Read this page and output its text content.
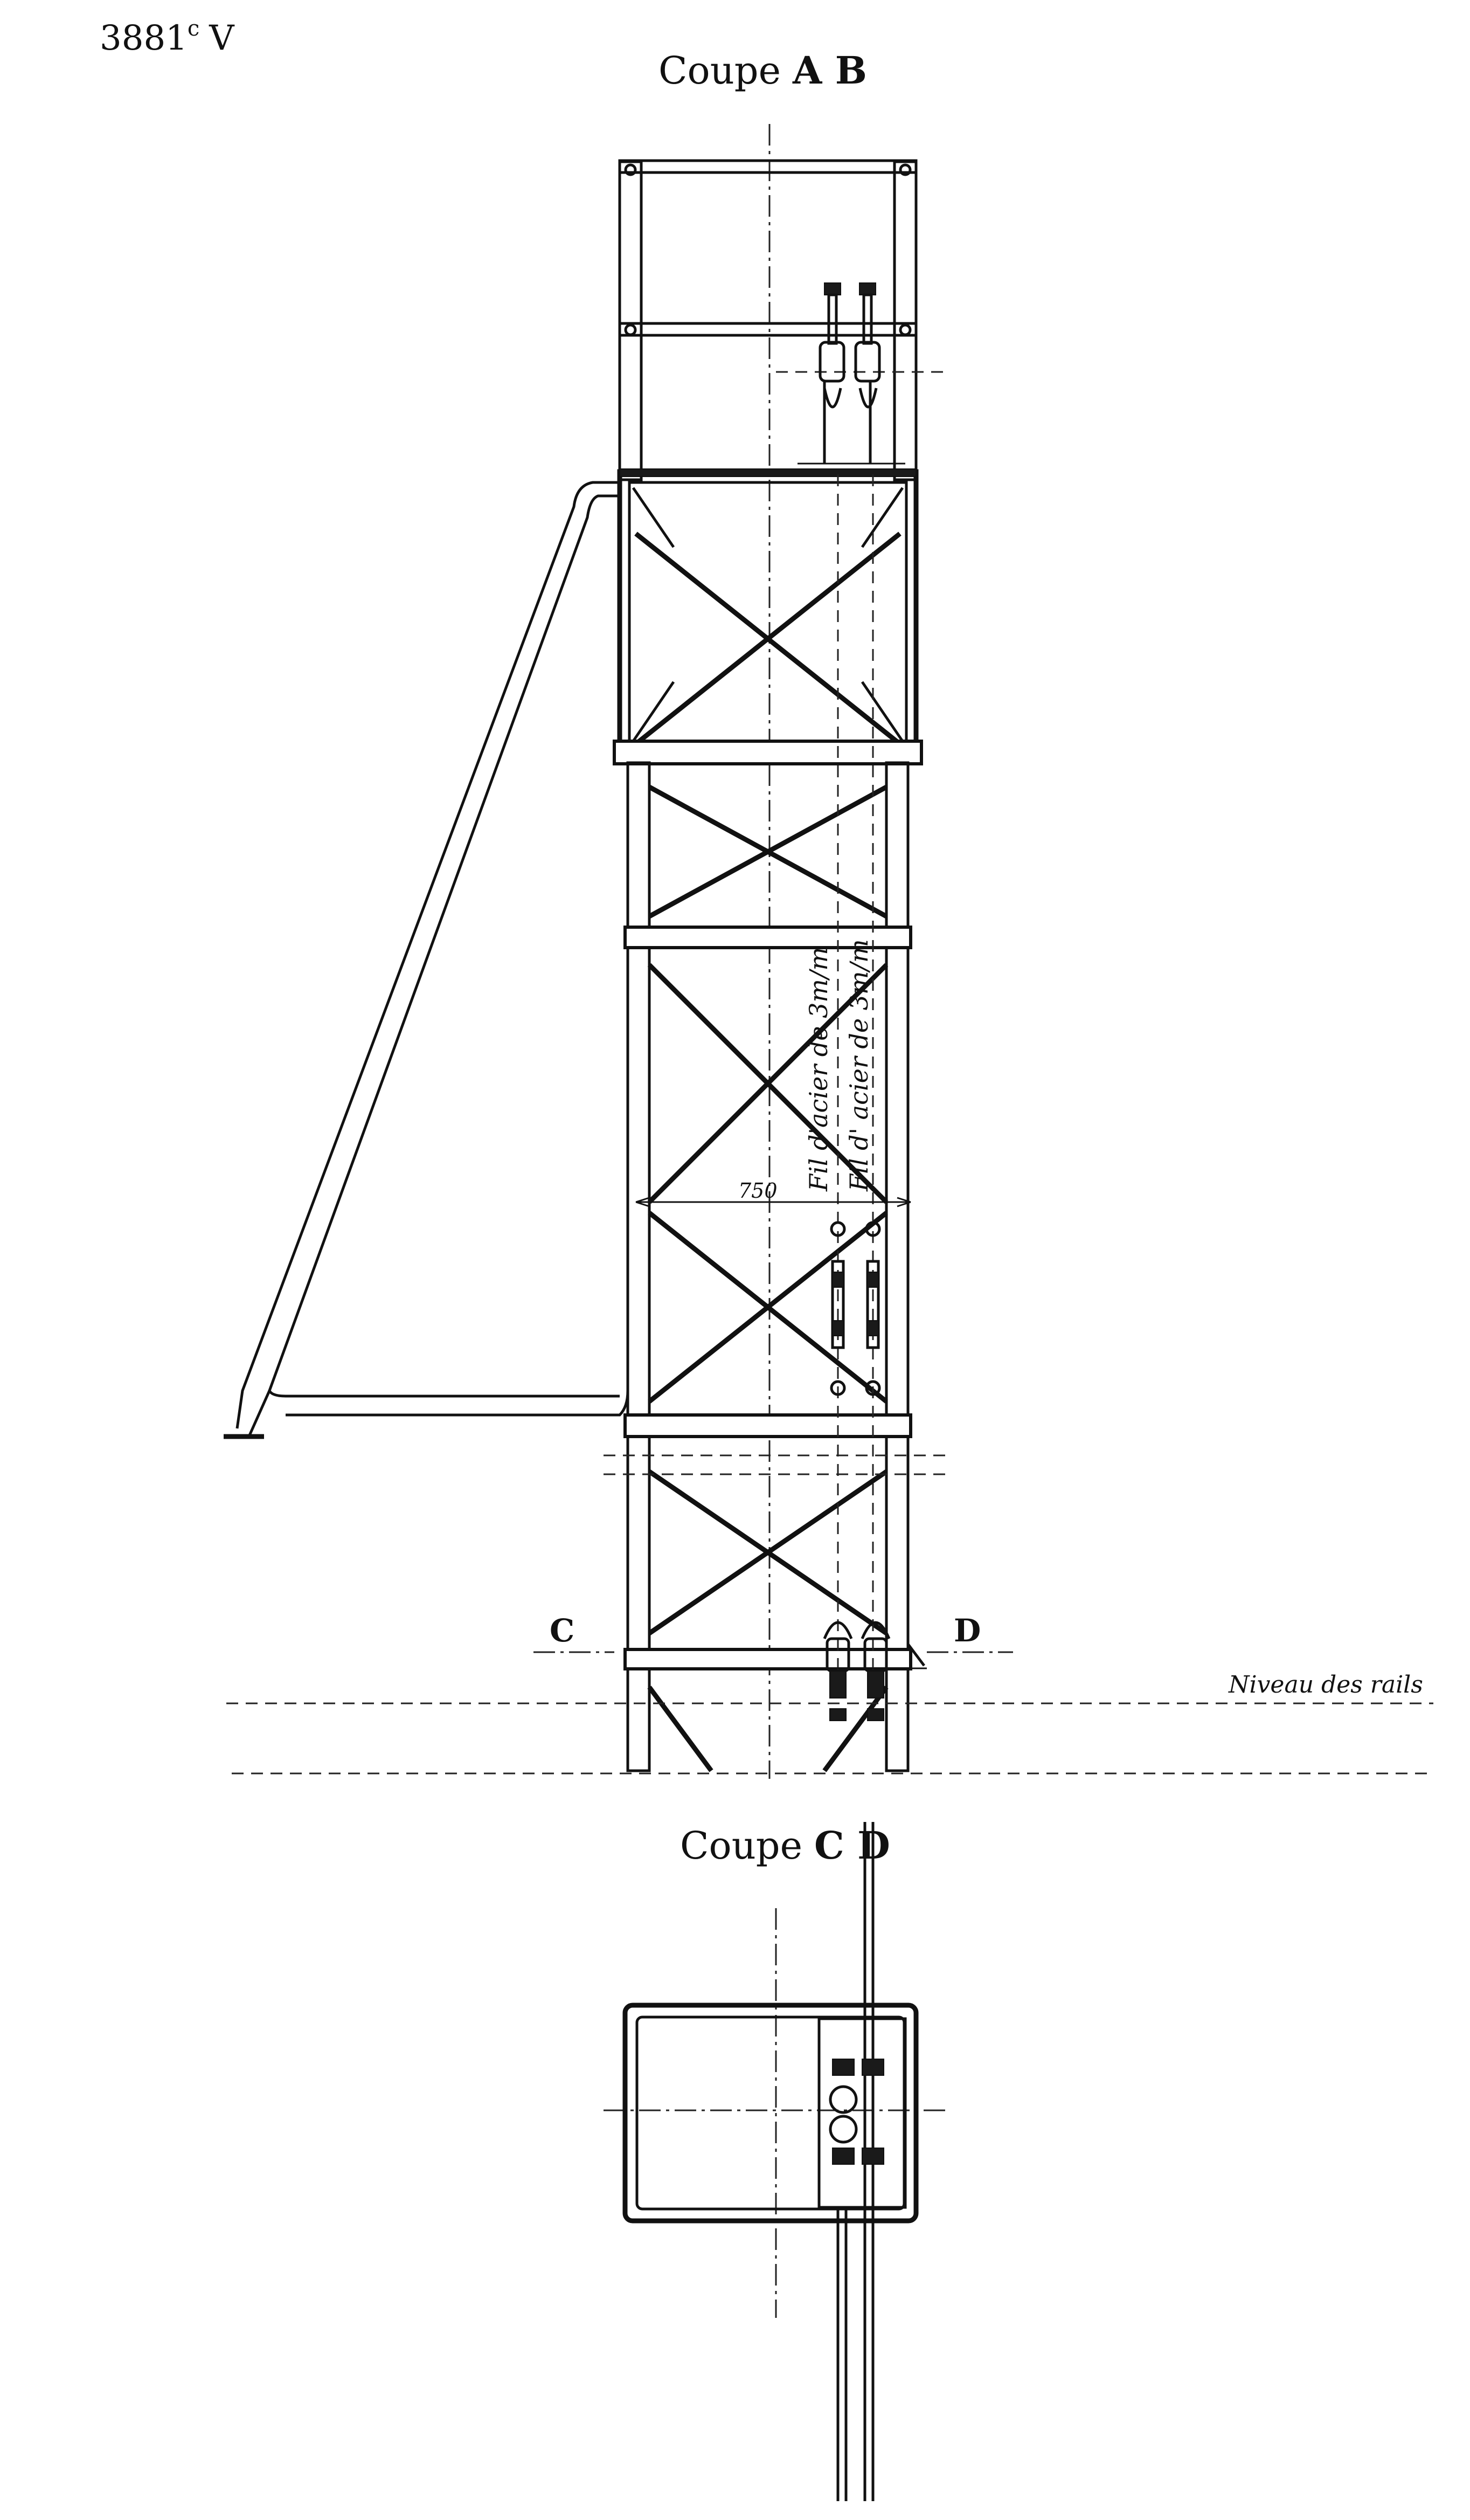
3881$^c$ V
Coupe A B
750 Fil d'acier de 3m/m Fil d' acier de 3m/m
C	D
Niveau des rails
Coupe C D
